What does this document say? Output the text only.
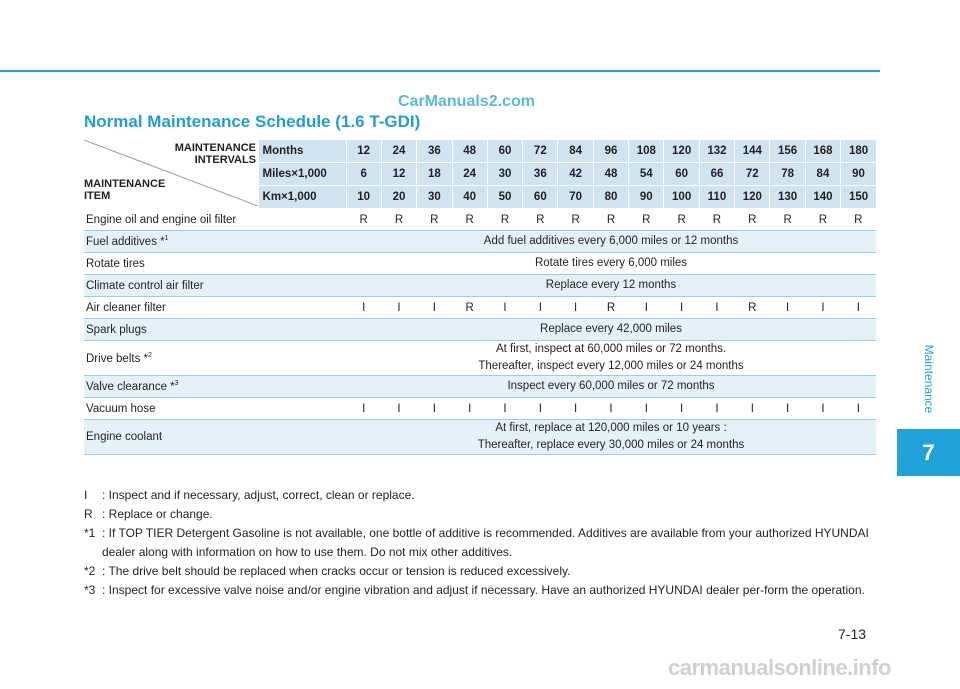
CarManuals2.com
Normal Maintenance Schedule (1.6 T-GDI)
Maintenance
7
	Months	12	24	36	48	60	72	84	96	108	120	132	144	156	168	180
	Miles×1,000	6	12	18	24	30	36	42	48	54	60	66	72	78	84	90
	Km×1,000	10	20	30	40	50	60	70	80	90	100	110	120	130	140	150
Engine oil and engine oil filter		R	R	R	R	R	R	R	R	R	R	R	R	R	R	R
Fuel additives *$^1$		Add fuel additives every 6,000 miles or 12 months														

Rotate tires		Rotate tires every 6,000 miles														

Climate control air filter		Replace every 12 months														

Air cleaner filter		I	I	I	R	I	I	I	R	I	I	I	R	I	I	I
Spark plugs		Replace every 42,000 miles														

Drive belts *$^2$		At first, inspect at 60,000 miles or 72 months.
Thereafter, inspect every 12,000 miles or 24 months														

Valve clearance *$^3$		Inspect every 60,000 miles or 72 months														

Vacuum hose		I	I	I	I	I	I	I	I	I	I	I	I	I	I	I
Engine coolant		At first, replace at 120,000 miles or 10 years :
Thereafter, replace every 30,000 miles or 24 months														
MAINTENANCE
INTERVALS
MAINTENANCE
ITEM
I : Inspect and if necessary, adjust, correct, clean or replace.
R : Replace or change.
*1 : If TOP TIER Detergent Gasoline is not available, one bottle of additive is recommended. Additives are available from your authorized HYUNDAI dealer along with information on how to use them. Do not mix other additives.
*2 : The drive belt should be replaced when cracks occur or tension is reduced excessively.
*3 : Inspect for excessive valve noise and/or engine vibration and adjust if necessary. Have an authorized HYUNDAI dealer per-form the operation.
7-13
carmanualsonline.info
